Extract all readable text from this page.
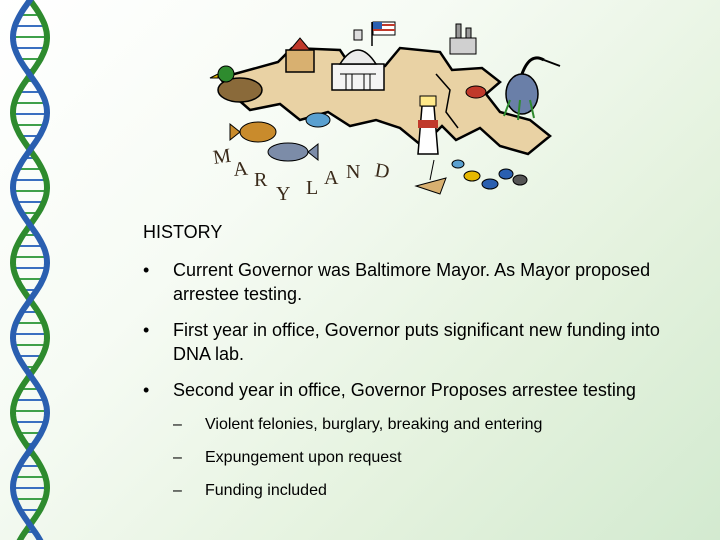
M
A R
Y L A N D

HISTORY

• Current Governor was Baltimore Mayor. As Mayor proposed arrestee testing.
• First year in office, Governor puts significant new funding into DNA lab.
• Second year in office, Governor Proposes arrestee testing
– Violent felonies, burglary, breaking and entering
– Expungement upon request
– Funding included
